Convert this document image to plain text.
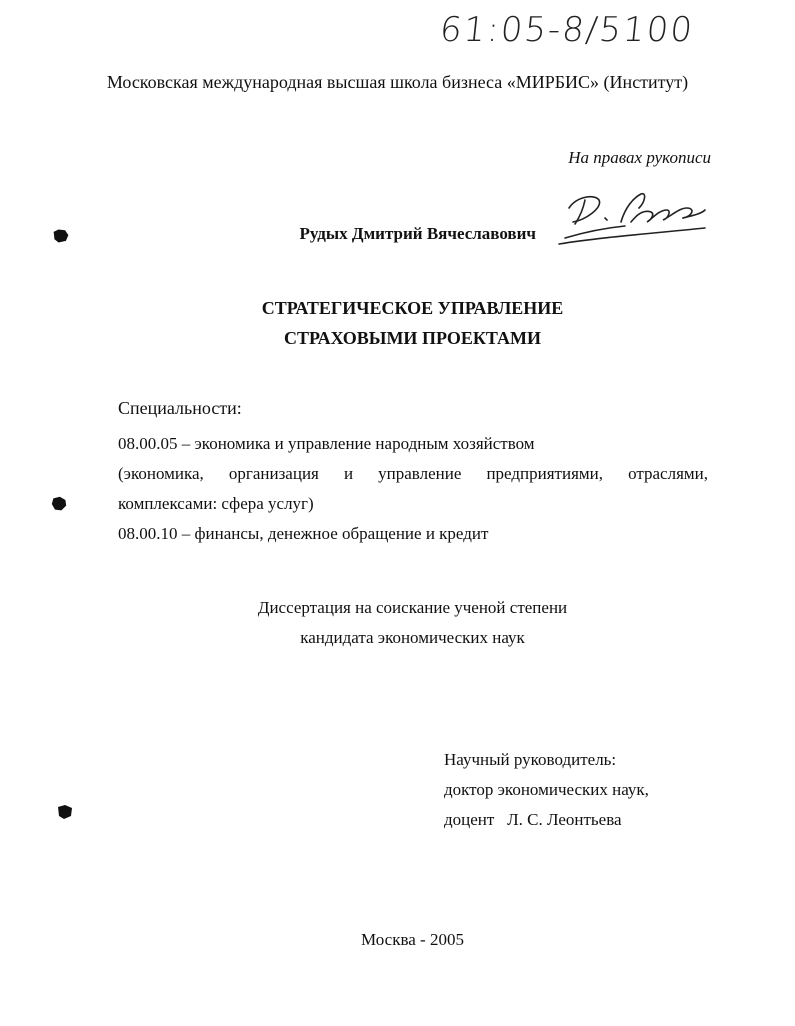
61:05-8/5100
Московская международная высшая школа бизнеса «МИРБИС» (Институт)
На правах рукописи
Рудых Дмитрий Вячеславович
СТРАТЕГИЧЕСКОЕ УПРАВЛЕНИЕ
СТРАХОВЫМИ ПРОЕКТАМИ
Специальности:
08.00.05 – экономика и управление народным хозяйством
(экономика, организация и управление предприятиями, отраслями,
комплексами: сфера услуг)
08.00.10 – финансы, денежное обращение и кредит
Диссертация на соискание ученой степени
кандидата экономических наук
Научный руководитель:
доктор экономических наук,
доцент   Л. С. Леонтьева
Москва - 2005
